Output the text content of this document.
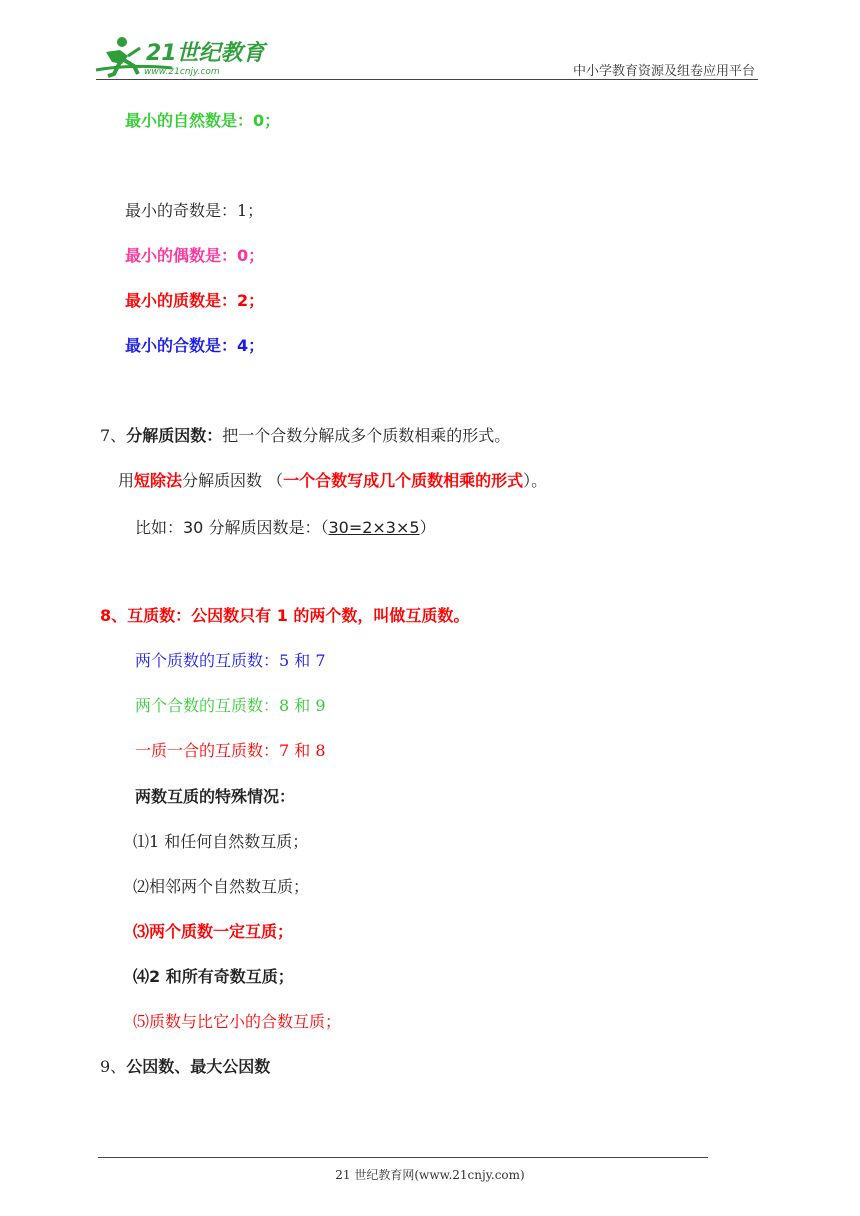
21世纪教育
www.21cnjy.com	中小学教育资源及组卷应用平台
最小的自然数是：0；
最小的奇数是：1；
最小的偶数是：0；
最小的质数是：2；
最小的合数是：4；
7、分解质因数：把一个合数分解成多个质数相乘的形式。
用短除法分解质因数 （一个合数写成几个质数相乘的形式）。
比如：30 分解质因数是：（30=2×3×5）
8、互质数：公因数只有 1 的两个数，叫做互质数。
两个质数的互质数：5 和 7
两个合数的互质数：8 和 9
一质一合的互质数：7 和 8
两数互质的特殊情况：
⑴1 和任何自然数互质；
⑵相邻两个自然数互质；
⑶两个质数一定互质；
⑷2 和所有奇数互质；
⑸质数与比它小的合数互质；
9、公因数、最大公因数
21 世纪教育网(www.21cnjy.com)
